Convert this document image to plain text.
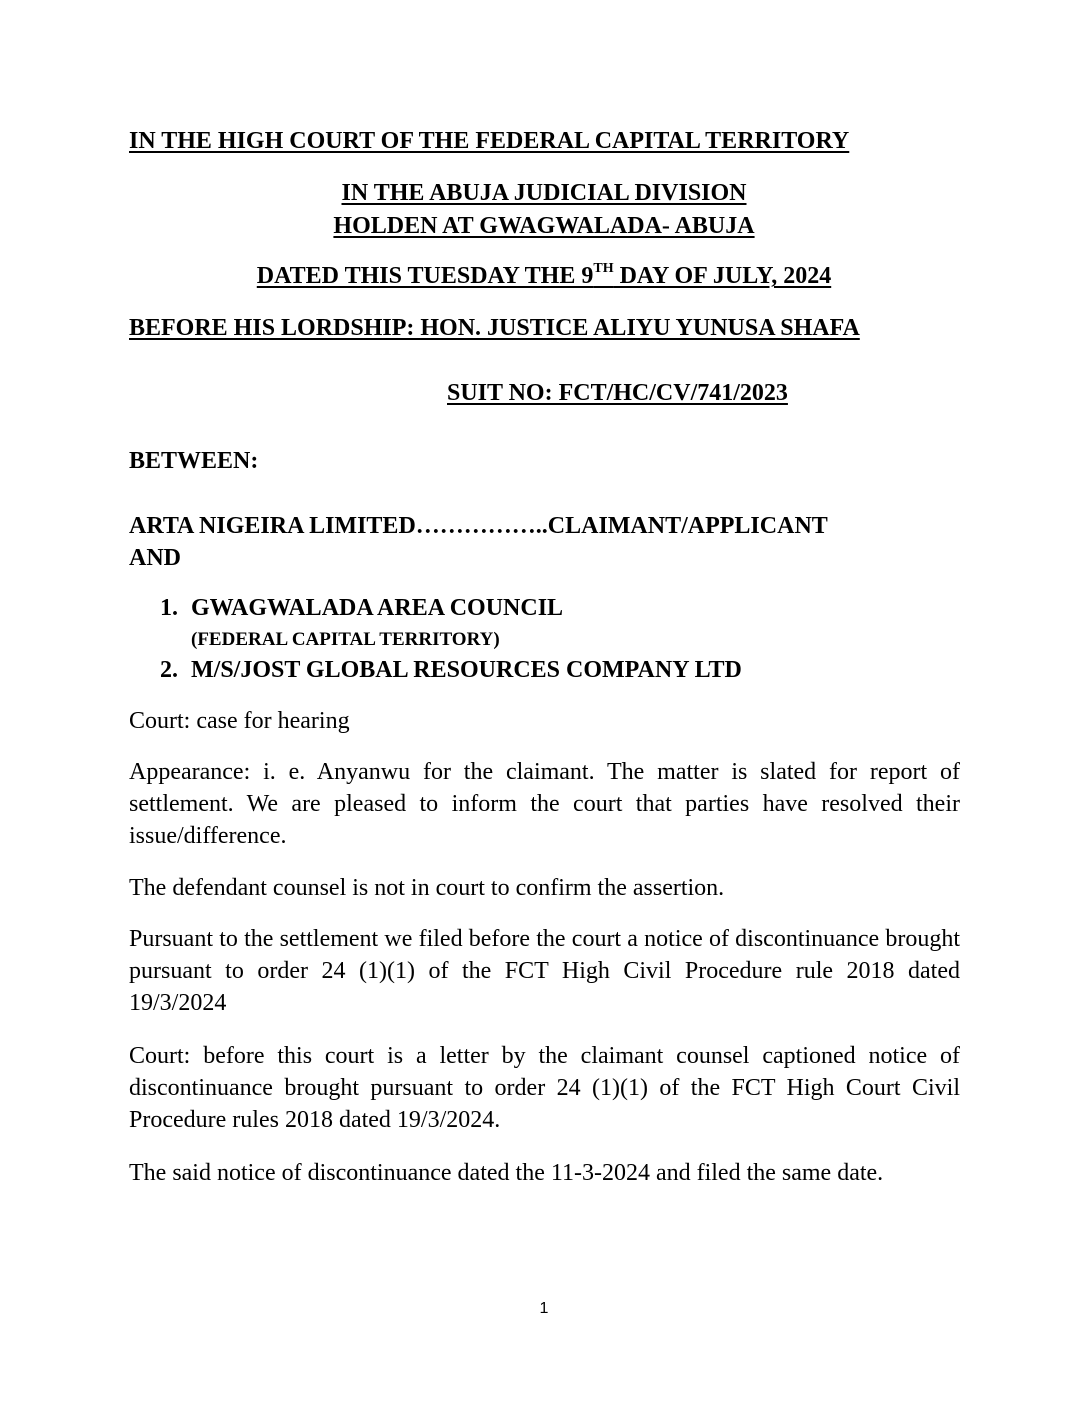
IN THE HIGH COURT OF THE FEDERAL CAPITAL TERRITORY
IN THE ABUJA JUDICIAL DIVISION
HOLDEN AT GWAGWALADA- ABUJA
DATED THIS TUESDAY THE 9TH DAY OF JULY, 2024
BEFORE HIS LORDSHIP: HON. JUSTICE ALIYU YUNUSA SHAFA
SUIT NO: FCT/HC/CV/741/2023
BETWEEN:
ARTA NIGEIRA LIMITED……………..CLAIMANT/APPLICANT
AND
1. GWAGWALADA AREA COUNCIL
(FEDERAL CAPITAL TERRITORY)
2. M/S/JOST GLOBAL RESOURCES COMPANY LTD
Court: case for hearing
Appearance: i. e. Anyanwu for the claimant. The matter is slated for report of settlement. We are pleased to inform the court that parties have resolved their issue/difference.
The defendant counsel is not in court to confirm the assertion.
Pursuant to the settlement we filed before the court a notice of discontinuance brought pursuant to order 24 (1)(1) of the FCT High Civil Procedure rule 2018 dated 19/3/2024
Court: before this court is a letter by the claimant counsel captioned notice of discontinuance brought pursuant to order 24 (1)(1) of the FCT High Court Civil Procedure rules 2018 dated 19/3/2024.
The said notice of discontinuance dated the 11-3-2024 and filed the same date.
1
